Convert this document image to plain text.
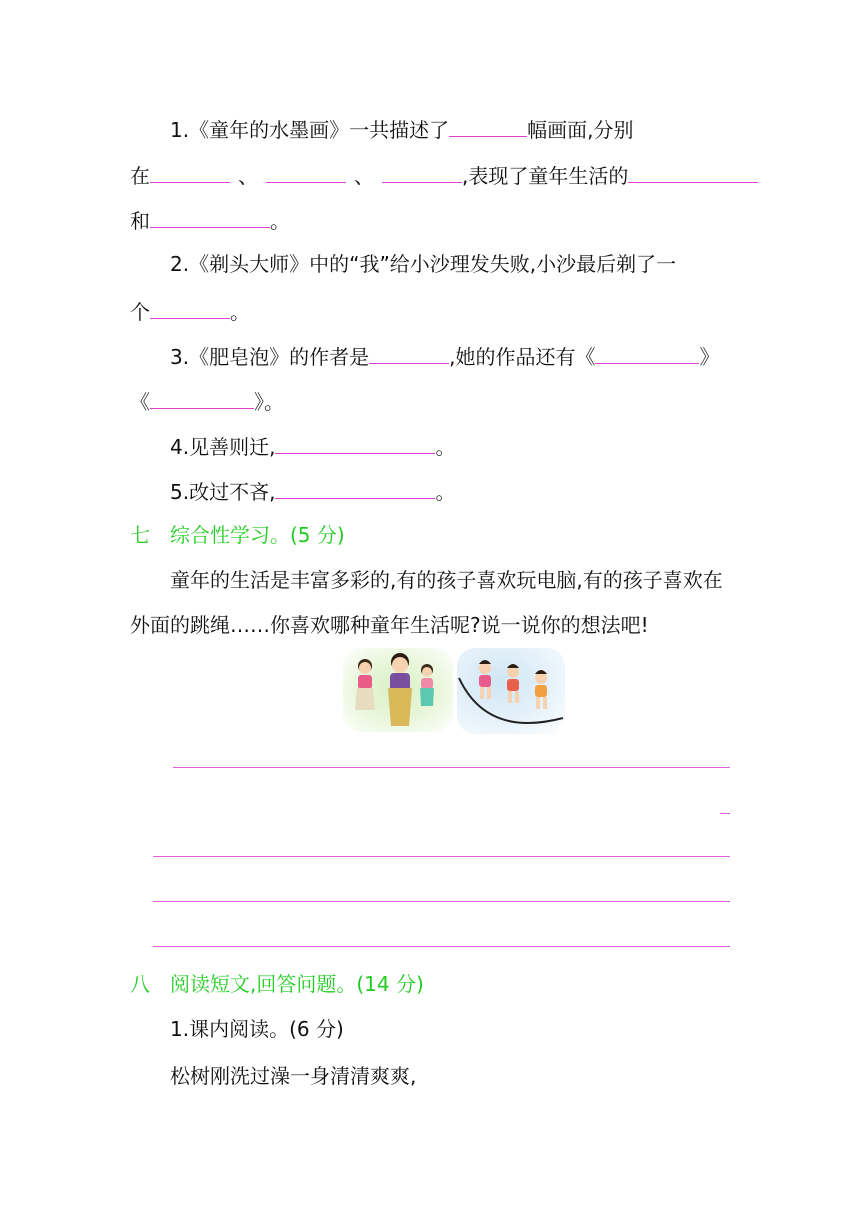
1.《童年的水墨画》一共描述了	幅画面,分别
在	、	、	,表现了童年生活的
和	。
2.《剃头大师》中的“我”给小沙理发失败,小沙最后剃了一
个	。
3.《肥皂泡》的作者是	,她的作品还有《	》
《	》。
4.见善则迁,	。
5.改过不吝,	。
七 综合性学习。(5 分)
童年的生活是丰富多彩的,有的孩子喜欢玩电脑,有的孩子喜欢在
外面的跳绳……你喜欢哪种童年生活呢?说一说你的想法吧!
八 阅读短文,回答问题。(14 分)
1.课内阅读。(6 分)
松树刚洗过澡一身清清爽爽,
